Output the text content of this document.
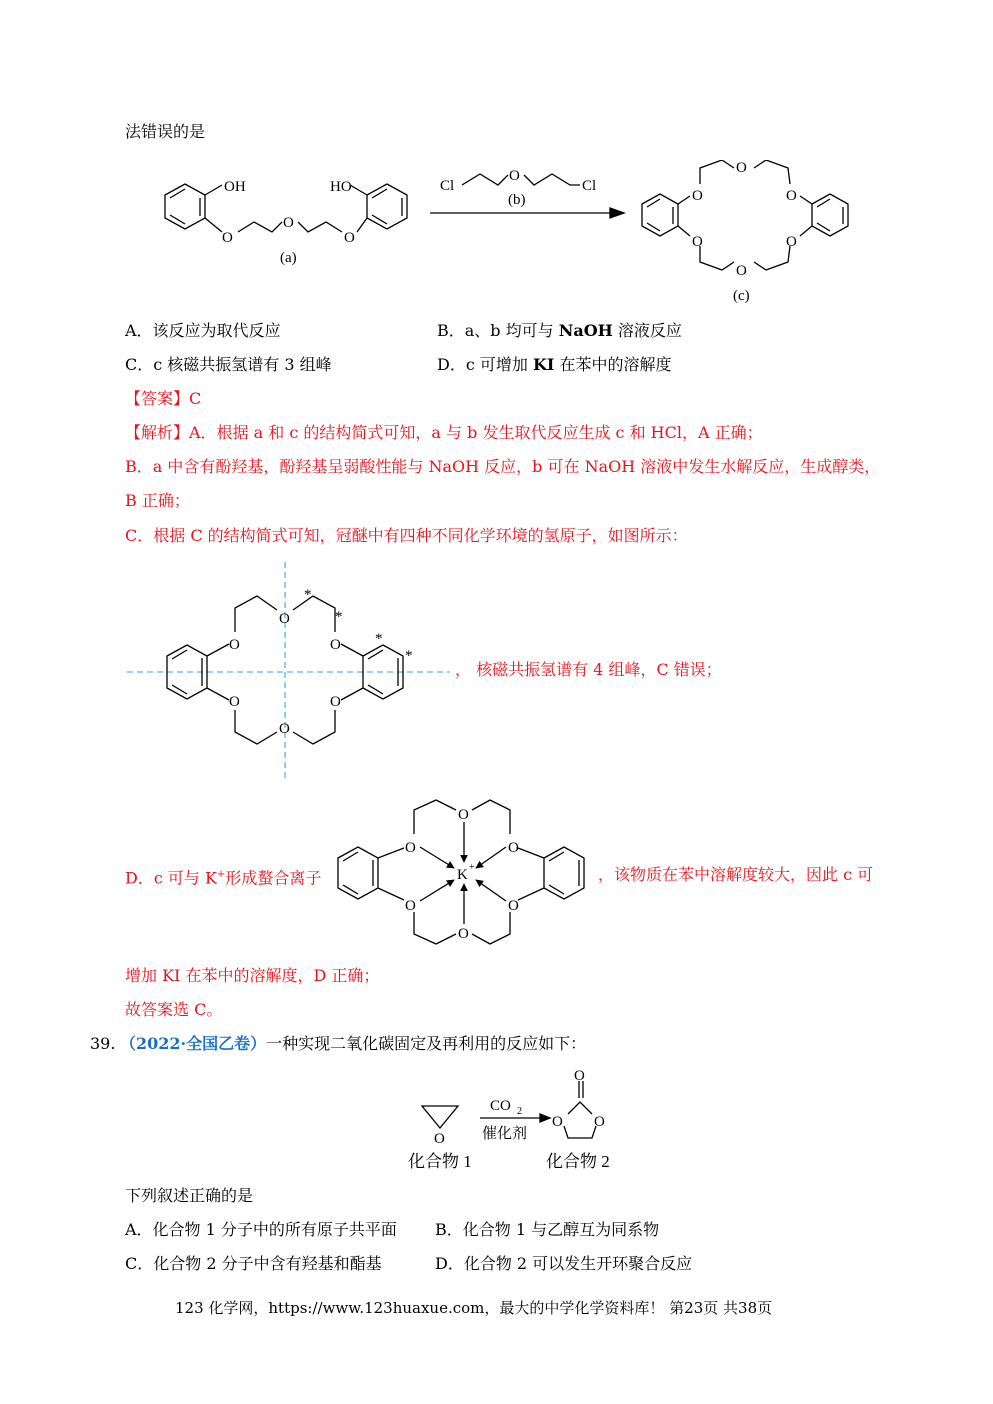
法错误的是
OH	HO
O
O
O
(a)
Cl
O
Cl
(b)	O
O
O
O
O
O
(c)
A．该反应为取代反应	B．a、b 均可与 NaOH 溶液反应
C．c 核磁共振氢谱有 3 组峰	D．c 可增加 KI 在苯中的溶解度
【答案】C
【解析】A．根据 a 和 c 的结构简式可知，a 与 b 发生取代反应生成 c 和 HCl，A 正确；
B．a 中含有酚羟基，酚羟基呈弱酸性能与 NaOH 反应，b 可在 NaOH 溶液中发生水解反应，生成醇类，
B 正确；
C．根据 C 的结构简式可知，冠醚中有四种不同化学环境的氢原子，如图所示：
O
O
O
O
O
O
*
*
*
*
， 核磁共振氢谱有 4 组峰，C 错误；
D．c 可与 K+形成螯合离子
O
O
O
O
O
O
K +	，该物质在苯中溶解度较大，因此 c 可
增加 KI 在苯中的溶解度，D 正确；
故答案选 C。
39. （2022·全国乙卷）一种实现二氧化碳固定及再利用的反应如下：
O
CO 2
催化剂
O
O O
化合物 1	化合物 2
下列叙述正确的是
A．化合物 1 分子中的所有原子共平面 B．化合物 1 与乙醇互为同系物
C．化合物 2 分子中含有羟基和酯基	D．化合物 2 可以发生开环聚合反应
123 化学网，https://www.123huaxue.com，最大的中学化学资料库！ 第23页 共38页
